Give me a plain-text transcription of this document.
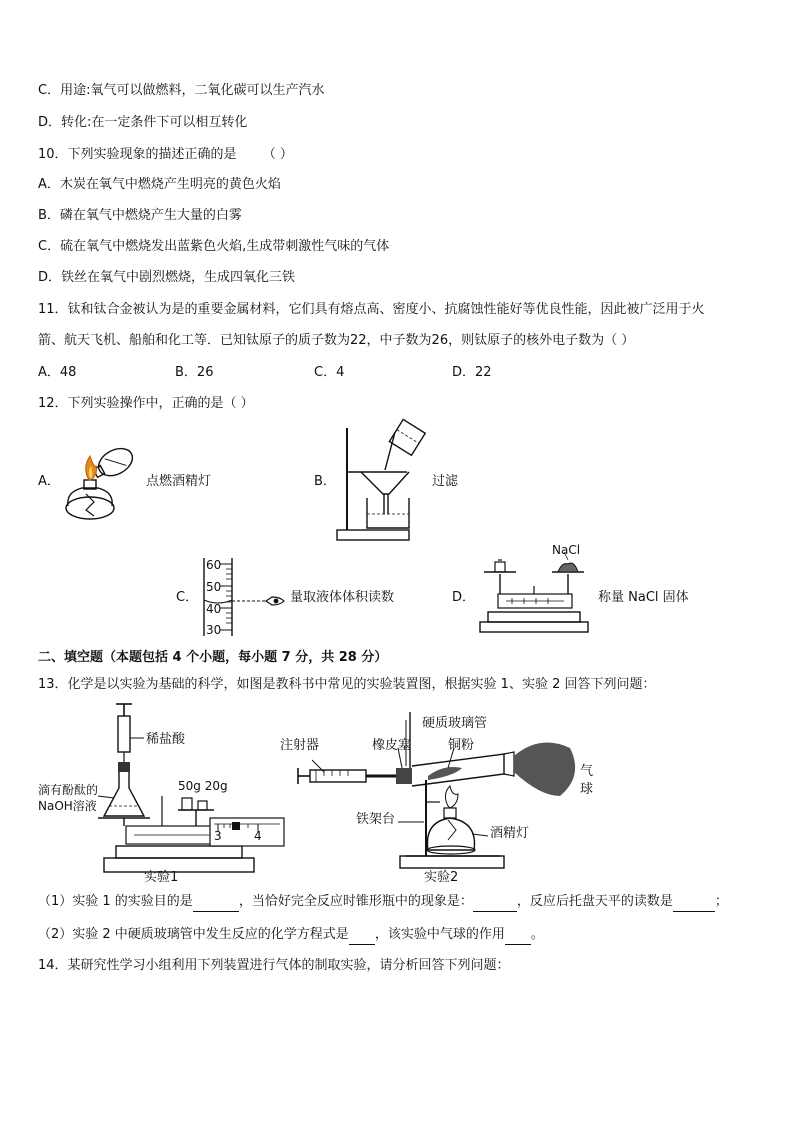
C．用途:氧气可以做燃料，二氧化碳可以生产汽水
D．转化:在一定条件下可以相互转化
10．下列实验现象的描述正确的是 （ ）
A．木炭在氧气中燃烧产生明亮的黄色火焰
B．磷在氧气中燃烧产生大量的白雾
C．硫在氧气中燃烧发出蓝紫色火焰,生成带刺激性气味的气体
D．铁丝在氧气中剧烈燃烧，生成四氧化三铁
11．钛和钛合金被认为是的重要金属材料，它们具有熔点高、密度小、抗腐蚀性能好等优良性能，因此被广泛用于火
箭、航天飞机、船舶和化工等．已知钛原子的质子数为22，中子数为26，则钛原子的核外电子数为（ ）
A．48	B．26	C．4	D．22
12．下列实验操作中，正确的是（ ）
A．	点燃酒精灯	B．	过滤
C．
60
50
40
30
量取液体体积读数	D．
NaCl
称量 NaCl 固体
二、填空题（本题包括 4 个小题，每小题 7 分，共 28 分）
13．化学是以实验为基础的科学，如图是教科书中常见的实验装置图，根据实验 1、实验 2 回答下列问题：
稀盐酸
滴有酚酞的
NaOH溶液
50g 20g
3	4
实验1
注射器	橡皮塞
硬质玻璃管
铜粉
气
球
铁架台
酒精灯
实验2
（1）实验 1 的实验目的是	，当恰好完全反应时锥形瓶中的现象是：	，反应后托盘天平的读数是	；
（2）实验 2 中硬质玻璃管中发生反应的化学方程式是 ，该实验中气球的作用 。
14．某研究性学习小组利用下列装置进行气体的制取实验，请分析回答下列问题：
